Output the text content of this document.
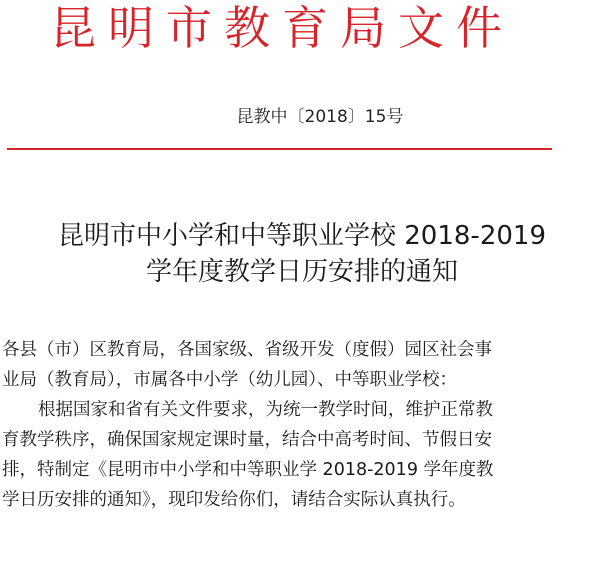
昆明市教育局文件
昆教中〔2018〕15号
昆明市中小学和中等职业学校 2018-2019
学年度教学日历安排的通知

各县（市）区教育局，各国家级、省级开发（度假）园区社会事
业局（教育局），市属各中小学（幼儿园）、中等职业学校：

根据国家和省有关文件要求，为统一教学时间，维护正常教
育教学秩序，确保国家规定课时量，结合中高考时间、节假日安
排，特制定《昆明市中小学和中等职业学 2018-2019 学年度教
学日历安排的通知》，现印发给你们，请结合实际认真执行。
